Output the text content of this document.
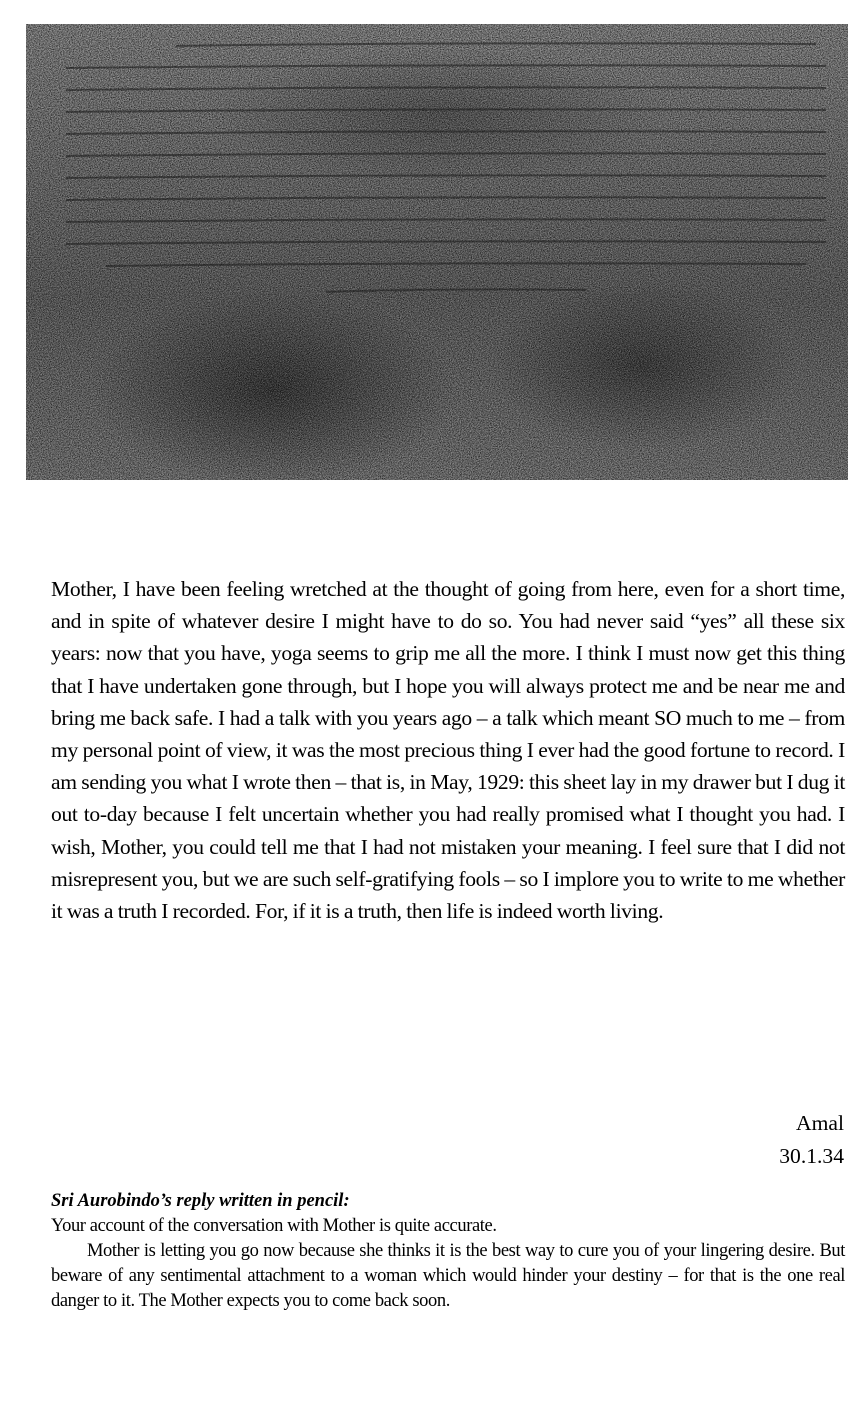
Mother, I have been feeling wretched at the thought of going from here, even for a short time, and in spite of whatever desire I might have to do so. You had never said “yes” all these six years: now that you have, yoga seems to grip me all the more. I think I must now get this thing that I have undertaken gone through, but I hope you will always protect me and be near me and bring me back safe. I had a talk with you years ago – a talk which meant SO much to me – from my personal point of view, it was the most precious thing I ever had the good fortune to record. I am sending you what I wrote then – that is, in May, 1929: this sheet lay in my drawer but I dug it out to-day because I felt uncertain whether you had really promised what I thought you had. I wish, Mother, you could tell me that I had not mistaken your meaning. I feel sure that I did not misrepresent you, but we are such self-gratifying fools – so I implore you to write to me whether it was a truth I recorded. For, if it is a truth, then life is indeed worth living.

Amal
30.1.34

Sri Aurobindo’s reply written in pencil:

Your account of the conversation with Mother is quite accurate.

Mother is letting you go now because she thinks it is the best way to cure you of your lingering desire. But beware of any sentimental attachment to a woman which would hinder your destiny – for that is the one real danger to it. The Mother expects you to come back soon.
